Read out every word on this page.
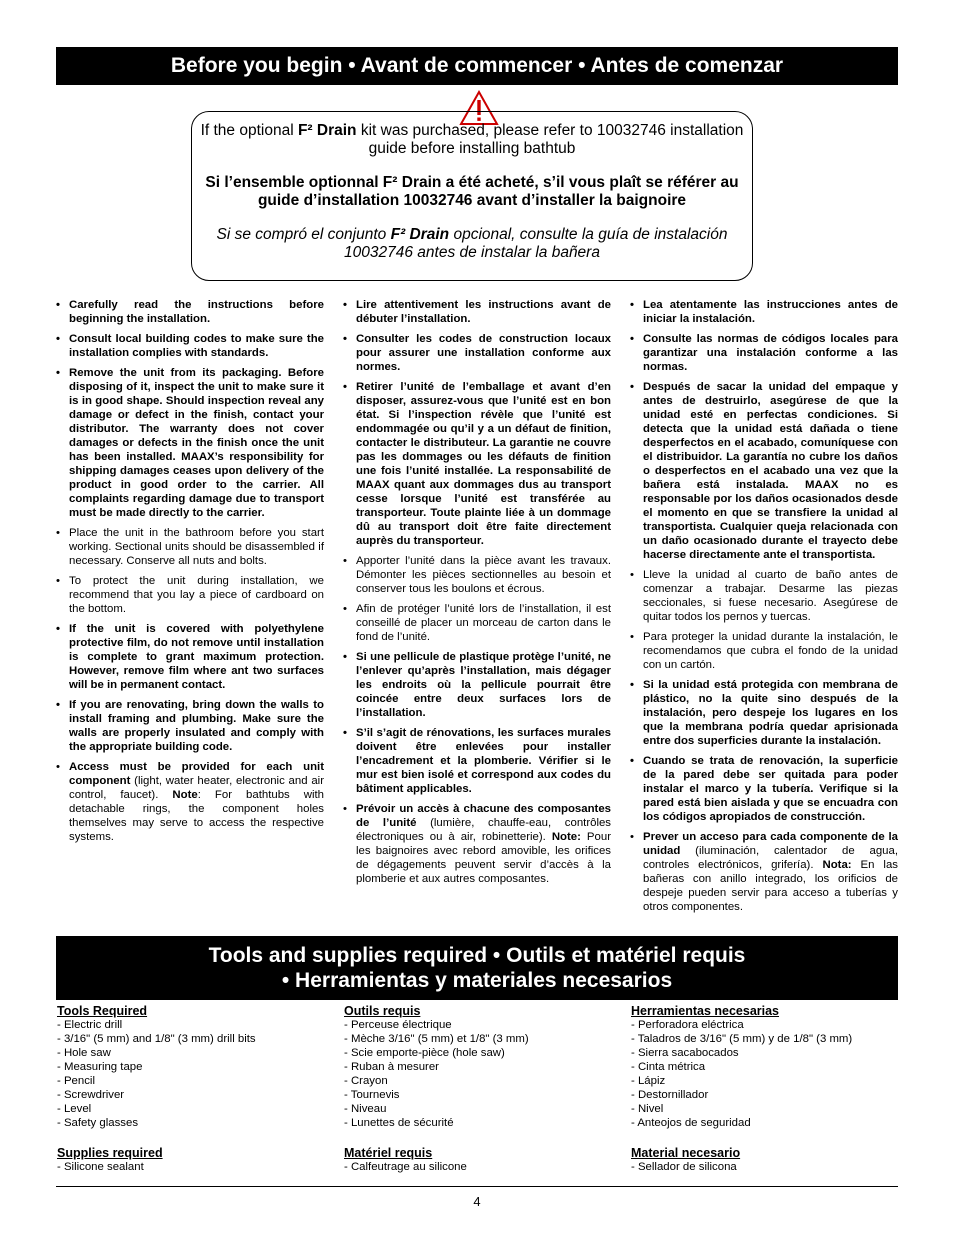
Before you begin • Avant de commencer • Antes de comenzar

If the optional F² Drain kit was purchased, please refer to 10032746 installation guide before installing bathtub

Si l’ensemble optionnal F² Drain a été acheté, s’il vous plaît se référer au guide d’installation 10032746 avant d’installer la baignoire

Si se compró el conjunto F² Drain opcional, consulte la guía de instalación 10032746 antes de instalar la bañera

• Carefully read the instructions before beginning the installation.
• Consult local building codes to make sure the installation complies with standards.
• Remove the unit from its packaging. Before disposing of it, inspect the unit to make sure it is in good shape. Should inspection reveal any damage or defect in the finish, contact your distributor. The warranty does not cover damages or defects in the finish once the unit has been installed. MAAX’s responsibility for shipping damages ceases upon delivery of the product in good order to the carrier. All complaints regarding damage due to transport must be made directly to the carrier.
• Place the unit in the bathroom before you start working. Sectional units should be disassembled if necessary. Conserve all nuts and bolts.
• To protect the unit during installation, we recommend that you lay a piece of cardboard on the bottom.
• If the unit is covered with polyethylene protective film, do not remove until installation is complete to grant maximum protection. However, remove film where ant two surfaces will be in permanent contact.
• If you are renovating, bring down the walls to install framing and plumbing. Make sure the walls are properly insulated and comply with the appropriate building code.
• Access must be provided for each unit component (light, water heater, electronic and air control, faucet). Note: For bathtubs with detachable rings, the component holes themselves may serve to access the respective systems.
• Lire attentivement les instructions avant de débuter l’installation.
• Consulter les codes de construction locaux pour assurer une installation conforme aux normes.
• Retirer l’unité de l’emballage et avant d’en disposer, assurez-vous que l’unité est en bon état. Si l’inspection révèle que l’unité est endommagée ou qu’il y a un défaut de finition, contacter le distributeur. La garantie ne couvre pas les dommages ou les défauts de finition une fois l’unité installée. La responsabilité de MAAX quant aux dommages dus au transport cesse lorsque l’unité est transférée au transporteur. Toute plainte liée à un dommage dû au transport doit être faite directement auprès du transporteur.
• Apporter l’unité dans la pièce avant les travaux. Démonter les pièces sectionnelles au besoin et conserver tous les boulons et écrous.
• Afin de protéger l’unité lors de l’installation, il est conseillé de placer un morceau de carton dans le fond de l’unité.
• Si une pellicule de plastique protège l’unité, ne l’enlever qu’après l’installation, mais dégager les endroits où la pellicule pourrait être coincée entre deux surfaces lors de l’installation.
• S’il s’agit de rénovations, les surfaces murales doivent être enlevées pour installer l’encadrement et la plomberie. Vérifier si le mur est bien isolé et correspond aux codes du bâtiment applicables.
• Prévoir un accès à chacune des composantes de l’unité (lumière, chauffe-eau, contrôles électroniques ou à air, robinetterie). Note: Pour les baignoires avec rebord amovible, les orifices de dégagements peuvent servir d’accès à la plomberie et aux autres composantes.
• Lea atentamente las instrucciones antes de iniciar la instalación.
• Consulte las normas de códigos locales para garantizar una instalación conforme a las normas.
• Después de sacar la unidad del empaque y antes de destruirlo, asegúrese de que la unidad esté en perfectas condiciones. Si detecta que la unidad está dañada o tiene desperfectos en el acabado, comuníquese con el distribuidor. La garantía no cubre los daños o desperfectos en el acabado una vez que la bañera está instalada. MAAX no es responsable por los daños ocasionados desde el momento en que se transfiere la unidad al transportista. Cualquier queja relacionada con un daño ocasionado durante el trayecto debe hacerse directamente ante el transportista.
• Lleve la unidad al cuarto de baño antes de comenzar a trabajar. Desarme las piezas seccionales, si fuese necesario. Asegúrese de quitar todos los pernos y tuercas.
• Para proteger la unidad durante la instalación, le recomendamos que cubra el fondo de la unidad con un cartón.
• Si la unidad está protegida con membrana de plástico, no la quite sino después de la instalación, pero despeje los lugares en los que la membrana podría quedar aprisionada entre dos superficies durante la instalación.
• Cuando se trata de renovación, la superficie de la pared debe ser quitada para poder instalar el marco y la tubería. Verifique si la pared está bien aislada y que se encuadra con los códigos apropiados de construcción.
• Prever un acceso para cada componente de la unidad (iluminación, calentador de agua, controles electrónicos, grifería). Nota: En las bañeras con anillo integrado, los orificios de despeje pueden servir para acceso a tuberías y otros componentes.
Tools and supplies required • Outils et matériel requis
• Herramientas y materiales necesarios
Tools Required
- Electric drill
- 3/16" (5 mm) and 1/8" (3 mm) drill bits
- Hole saw
- Measuring tape
- Pencil
- Screwdriver
- Level
- Safety glasses
Supplies required
- Silicone sealant
Outils requis
- Perceuse électrique
- Mèche 3/16" (5 mm) et 1/8" (3 mm)
- Scie emporte-pièce (hole saw)
- Ruban à mesurer
- Crayon
- Tournevis
- Niveau
- Lunettes de sécurité
Matériel requis
- Calfeutrage au silicone
Herramientas necesarias
- Perforadora eléctrica
- Taladros de 3/16" (5 mm) y de 1/8" (3 mm)
- Sierra sacabocados
- Cinta métrica
- Lápiz
- Destornillador
- Nivel
- Anteojos de seguridad
Material necesario
- Sellador de silicona
4
